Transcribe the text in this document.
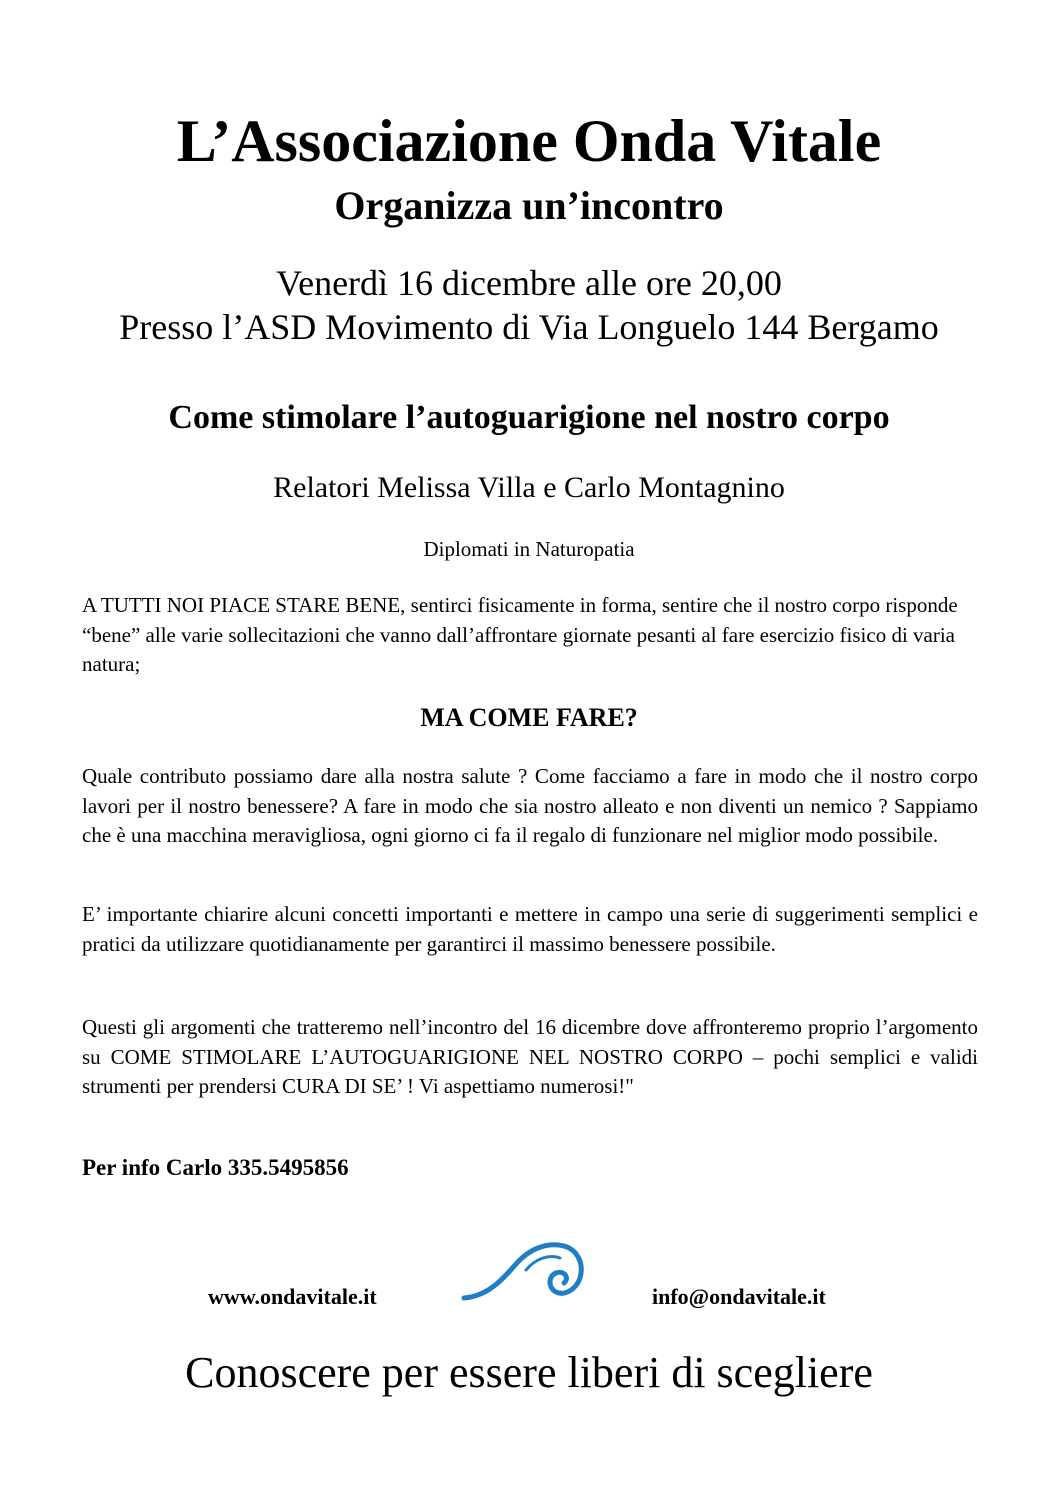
L’Associazione Onda Vitale
Organizza un’incontro
Venerdì 16 dicembre alle ore 20,00
Presso l’ASD Movimento di Via Longuelo 144 Bergamo
Come stimolare l’autoguarigione nel nostro corpo
Relatori Melissa Villa e Carlo Montagnino
Diplomati in Naturopatia
A TUTTI NOI PIACE STARE BENE, sentirci fisicamente in forma, sentire che il nostro corpo risponde “bene” alle varie sollecitazioni che vanno dall’affrontare giornate pesanti al fare esercizio fisico di varia natura;
MA COME FARE?
Quale contributo possiamo dare alla nostra salute ? Come facciamo a fare in modo che il nostro corpo lavori per il nostro benessere? A fare in modo che sia nostro alleato e non diventi un nemico ? Sappiamo che è una macchina meravigliosa, ogni giorno ci fa il regalo di funzionare nel miglior modo possibile.
E’ importante chiarire alcuni concetti importanti e mettere in campo una serie di suggerimenti semplici e pratici da utilizzare quotidianamente per garantirci il massimo benessere possibile.
Questi gli argomenti che tratteremo nell’incontro del 16 dicembre dove affronteremo proprio l’argomento su COME STIMOLARE L’AUTOGUARIGIONE NEL NOSTRO CORPO – pochi semplici e validi strumenti per prendersi CURA DI SE’ ! Vi aspettiamo numerosi!"
Per info Carlo 335.5495856
www.ondavitale.it	info@ondavitale.it
Conoscere per essere liberi di scegliere
